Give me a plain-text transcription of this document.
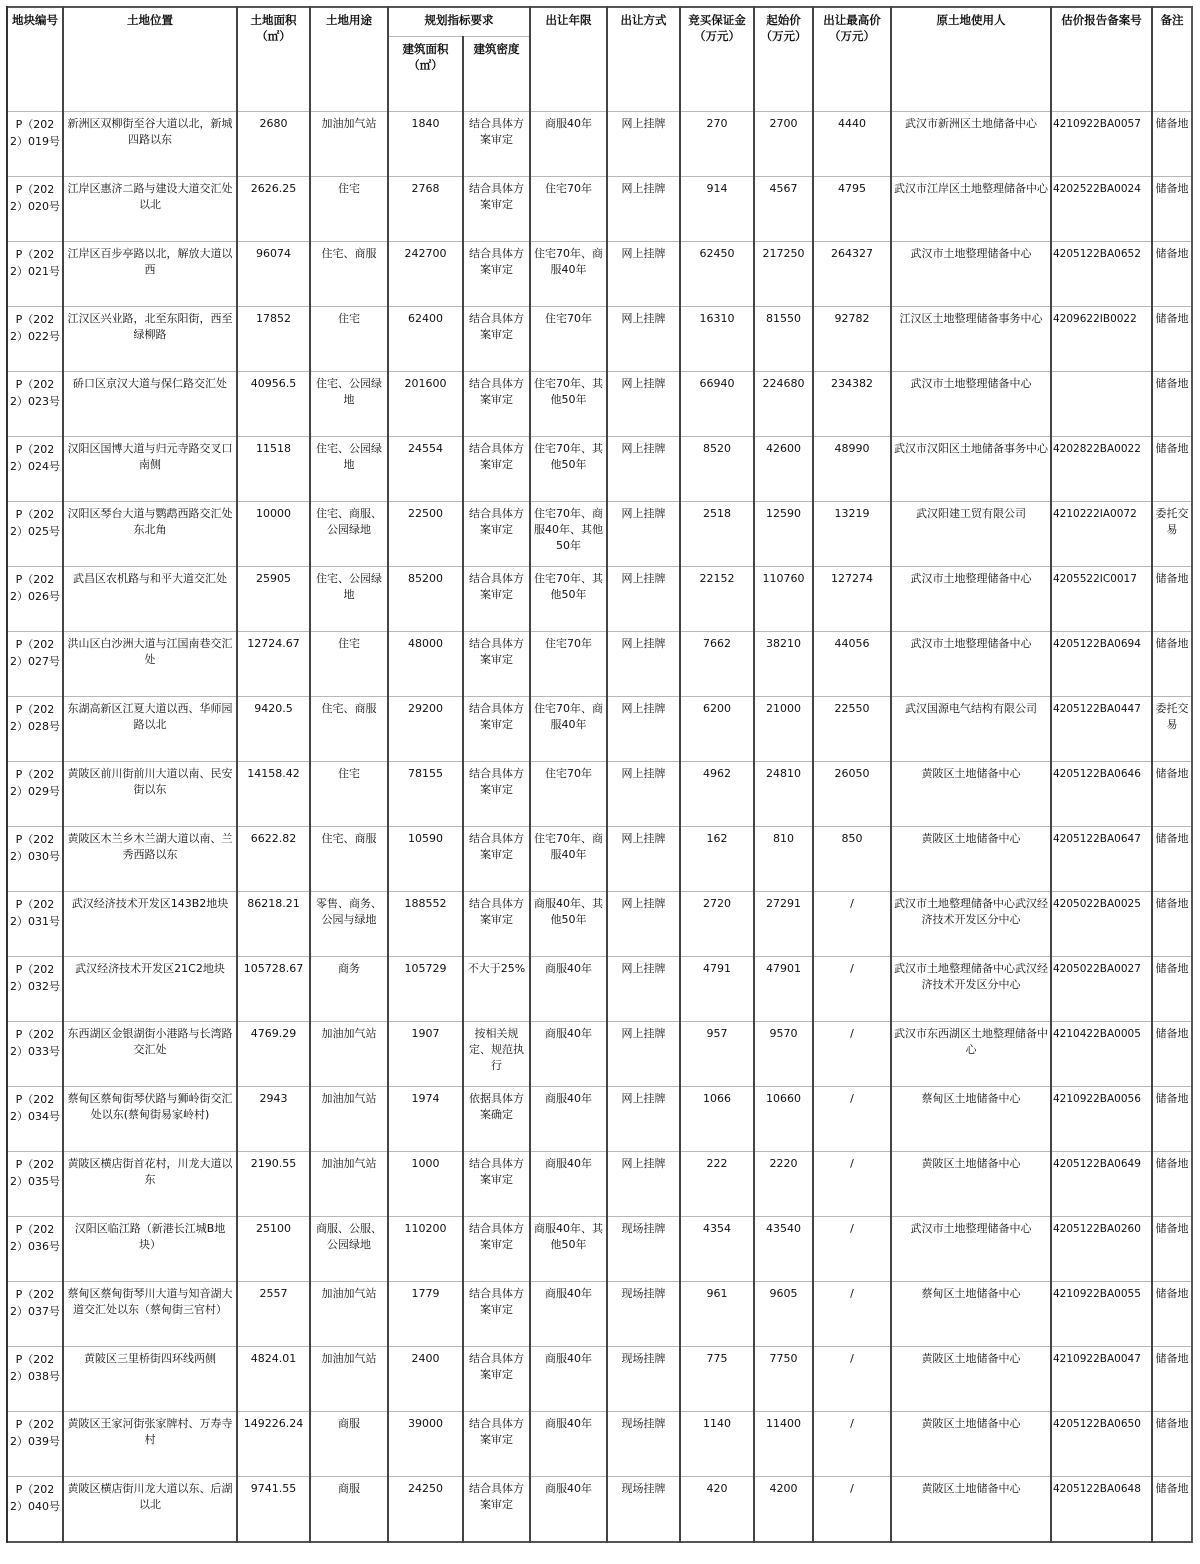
地块编号	土地位置	土地面积（㎡）	土地用途	规划指标要求		出让年限	出让方式	竞买保证金（万元）	起始价（万元）	出让最高价（万元）	原土地使用人	估价报告备案号	备注
				建筑面积（㎡）	建筑密度								
P（2022）019号	新洲区双柳街至谷大道以北，新城四路以东	2680	加油加气站	1840	结合具体方案审定	商服40年	网上挂牌	270	2700	4440	武汉市新洲区土地储备中心	4210922BA0057	储备地
P（2022）020号	江岸区惠济二路与建设大道交汇处以北	2626.25	住宅	2768	结合具体方案审定	住宅70年	网上挂牌	914	4567	4795	武汉市江岸区土地整理储备中心	4202522BA0024	储备地
P（2022）021号	江岸区百步亭路以北，解放大道以西	96074	住宅、商服	242700	结合具体方案审定	住宅70年、商服40年	网上挂牌	62450	217250	264327	武汉市土地整理储备中心	4205122BA0652	储备地
P（2022）022号	江汉区兴业路，北至东阳街，西至绿柳路	17852	住宅	62400	结合具体方案审定	住宅70年	网上挂牌	16310	81550	92782	江汉区土地整理储备事务中心	4209622IB0022	储备地
P（2022）023号	硚口区京汉大道与保仁路交汇处	40956.5	住宅、公园绿地	201600	结合具体方案审定	住宅70年、其他50年	网上挂牌	66940	224680	234382	武汉市土地整理储备中心		储备地
P（2022）024号	汉阳区国博大道与归元寺路交叉口南侧	11518	住宅、公园绿地	24554	结合具体方案审定	住宅70年、其他50年	网上挂牌	8520	42600	48990	武汉市汉阳区土地储备事务中心	4202822BA0022	储备地
P（2022）025号	汉阳区琴台大道与鹦鹉西路交汇处东北角	10000	住宅、商服、公园绿地	22500	结合具体方案审定	住宅70年、商服40年、其他50年	网上挂牌	2518	12590	13219	武汉阳建工贸有限公司	4210222IA0072	委托交易
P（2022）026号	武昌区农机路与和平大道交汇处	25905	住宅、公园绿地	85200	结合具体方案审定	住宅70年、其他50年	网上挂牌	22152	110760	127274	武汉市土地整理储备中心	4205522IC0017	储备地
P（2022）027号	洪山区白沙洲大道与江国南巷交汇处	12724.67	住宅	48000	结合具体方案审定	住宅70年	网上挂牌	7662	38210	44056	武汉市土地整理储备中心	4205122BA0694	储备地
P（2022）028号	东湖高新区江夏大道以西、华师园路以北	9420.5	住宅、商服	29200	结合具体方案审定	住宅70年、商服40年	网上挂牌	6200	21000	22550	武汉国源电气结构有限公司	4205122BA0447	委托交易
P（2022）029号	黄陂区前川街前川大道以南、民安街以东	14158.42	住宅	78155	结合具体方案审定	住宅70年	网上挂牌	4962	24810	26050	黄陂区土地储备中心	4205122BA0646	储备地
P（2022）030号	黄陂区木兰乡木兰湖大道以南、兰秀西路以东	6622.82	住宅、商服	10590	结合具体方案审定	住宅70年、商服40年	网上挂牌	162	810	850	黄陂区土地储备中心	4205122BA0647	储备地
P（2022）031号	武汉经济技术开发区143B2地块	86218.21	零售、商务、公园与绿地	188552	结合具体方案审定	商服40年、其他50年	网上挂牌	2720	27291	/	武汉市土地整理储备中心武汉经济技术开发区分中心	4205022BA0025	储备地
P（2022）032号	武汉经济技术开发区21C2地块	105728.67	商务	105729	不大于25%	商服40年	网上挂牌	4791	47901	/	武汉市土地整理储备中心武汉经济技术开发区分中心	4205022BA0027	储备地
P（2022）033号	东西湖区金银湖街小港路与长湾路交汇处	4769.29	加油加气站	1907	按相关规定、规范执行	商服40年	网上挂牌	957	9570	/	武汉市东西湖区土地整理储备中心	4210422BA0005	储备地
P（2022）034号	蔡甸区蔡甸街琴伏路与狮岭街交汇处以东(蔡甸街易家岭村)	2943	加油加气站	1974	依据具体方案确定	商服40年	网上挂牌	1066	10660	/	蔡甸区土地储备中心	4210922BA0056	储备地
P（2022）035号	黄陂区横店街首花村，川龙大道以东	2190.55	加油加气站	1000	结合具体方案审定	商服40年	网上挂牌	222	2220	/	黄陂区土地储备中心	4205122BA0649	储备地
P（2022）036号	汉阳区临江路（新港长江城B地块）	25100	商服、公服、公园绿地	110200	结合具体方案审定	商服40年、其他50年	现场挂牌	4354	43540	/	武汉市土地整理储备中心	4205122BA0260	储备地
P（2022）037号	蔡甸区蔡甸街琴川大道与知音湖大道交汇处以东（蔡甸街三官村）	2557	加油加气站	1779	结合具体方案审定	商服40年	现场挂牌	961	9605	/	蔡甸区土地储备中心	4210922BA0055	储备地
P（2022）038号	黄陂区三里桥街四环线两侧	4824.01	加油加气站	2400	结合具体方案审定	商服40年	现场挂牌	775	7750	/	黄陂区土地储备中心	4210922BA0047	储备地
P（2022）039号	黄陂区王家河街张家牌村、万寿寺村	149226.24	商服	39000	结合具体方案审定	商服40年	现场挂牌	1140	11400	/	黄陂区土地储备中心	4205122BA0650	储备地
P（2022）040号	黄陂区横店街川龙大道以东、后湖以北	9741.55	商服	24250	结合具体方案审定	商服40年	现场挂牌	420	4200	/	黄陂区土地储备中心	4205122BA0648	储备地
